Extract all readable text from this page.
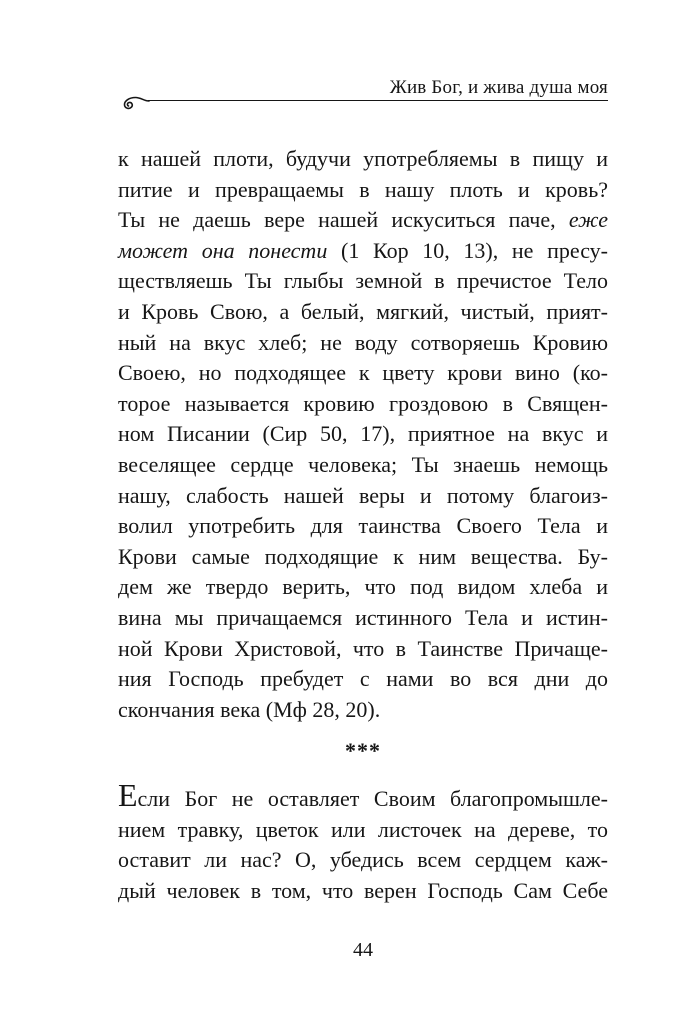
Жив Бог, и жива душа моя
к нашей плоти, будучи употребляемы в пищу и
питие и превращаемы в нашу плоть и кровь?
Ты не даешь вере нашей искуситься паче, еже
может она понести (1 Кор 10, 13), не пресу-
ществляешь Ты глыбы земной в пречистое Тело
и Кровь Свою, а белый, мягкий, чистый, прият-
ный на вкус хлеб; не воду сотворяешь Кровию
Своею, но подходящее к цвету крови вино (ко-
торое называется кровию гроздовою в Священ-
ном Писании (Сир 50, 17), приятное на вкус и
веселящее сердце человека; Ты знаешь немощь
нашу, слабость нашей веры и потому благоиз-
волил употребить для таинства Своего Тела и
Крови самые подходящие к ним вещества. Бу-
дем же твердо верить, что под видом хлеба и
вина мы причащаемся истинного Тела и истин-
ной Крови Христовой, что в Таинстве Причаще-
ния Господь пребудет с нами во вся дни до
скончания века (Мф 28, 20).
***
Если Бог не оставляет Своим благопромышле-
нием травку, цветок или листочек на дереве, то
оставит ли нас? О, убедись всем сердцем каж-
дый человек в том, что верен Господь Сам Себе
44
